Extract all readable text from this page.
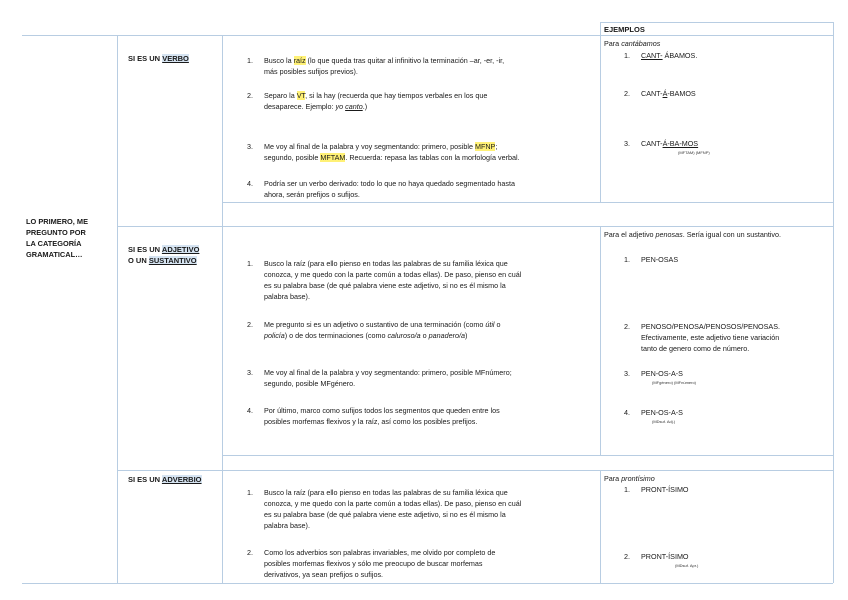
EJEMPLOS
LO PRIMERO, ME
PREGUNTO POR
LA CATEGORÍA
GRAMATICAL…
SI ES UN VERBO	1. Busco la raíz (lo que queda tras quitar al infinitivo la terminación –ar, -er, -ir,
más posibles sufijos previos).
2. Separo la VT, si la hay (recuerda que hay tiempos verbales en los que
desaparece. Ejemplo: yo canto.)
3. Me voy al final de la palabra y voy segmentando: primero, posible MFNP;
segundo, posible MFTAM. Recuerda: repasa las tablas con la morfología verbal.
4. Podría ser un verbo derivado: todo lo que no haya quedado segmentado hasta
ahora, serán prefijos o sufijos.
Para cantábamos
1. CANT- ÁBAMOS.
2. CANT-Á-BAMOS
3. CANT-Á-BA-MOS
(MFTAM) (MFNP)
SI ES UN ADJETIVO
O UN SUSTANTIVO	1. Busco la raíz (para ello pienso en todas las palabras de su familia léxica que
conozca, y me quedo con la parte común a todas ellas). De paso, pienso en cuál
es su palabra base (de qué palabra viene este adjetivo, si no es él mismo la
palabra base).
2. Me pregunto si es un adjetivo o sustantivo de una terminación (como útil o
policía) o de dos terminaciones (como caluroso/a o panadero/a)
3. Me voy al final de la palabra y voy segmentando: primero, posible MFnúmero;
segundo, posible MFgénero.
4. Por último, marco como sufijos todos los segmentos que queden entre los
posibles morfemas flexivos y la raíz, así como los posibles prefijos.
Para el adjetivo penosas. Sería igual con un sustantivo.
1. PEN-OSAS
2. PENOSO/PENOSA/PENOSOS/PENOSAS.
Efectivamente, este adjetivo tiene variación
tanto de genero como de número.
3. PEN-OS-A-S
(MFgénero) (MFnúmero)
4. PEN-OS-A-S
(MDsuf. Adj.)
SI ES UN ADVERBIO
1. Busco la raíz (para ello pienso en todas las palabras de su familia léxica que
conozca, y me quedo con la parte común a todas ellas). De paso, pienso en cuál
es su palabra base (de qué palabra viene este adjetivo, si no es él mismo la
palabra base).
2. Como los adverbios son palabras invariables, me olvido por completo de
posibles morfemas flexivos y sólo me preocupo de buscar morfemas
derivativos, ya sean prefijos o sufijos.
Para prontísimo
1. PRONT-ÍSIMO
2. PRONT-ÍSIMO
(MDsuf. Apr.)
